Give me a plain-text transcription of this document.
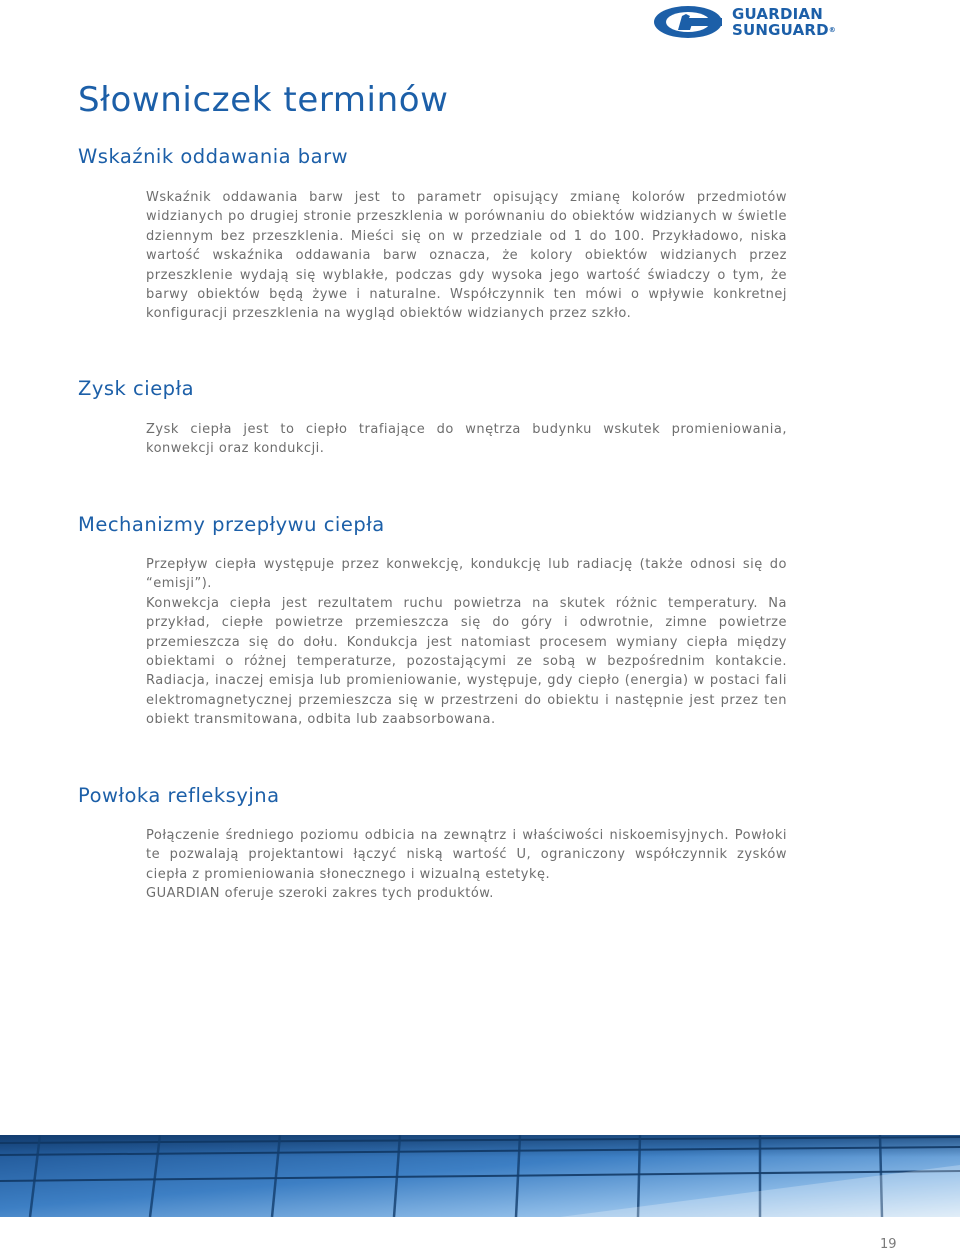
GUARDIAN
SUNGUARD®
Słowniczek terminów
Wskaźnik oddawania barw

Wskaźnik oddawania barw jest to parametr opisujący zmianę kolorów przedmiotów widzianych po drugiej stronie przeszklenia w porównaniu do obiektów widzianych w świetle dziennym bez przeszklenia. Mieści się on w przedziale od 1 do 100. Przykładowo, niska wartość wskaźnika oddawania barw oznacza, że kolory obiektów widzianych przez przeszklenie wydają się wyblakłe, podczas gdy wysoka jego wartość świadczy o tym, że barwy obiektów będą żywe i naturalne. Współczynnik ten mówi o wpływie konkretnej konfiguracji przeszklenia na wygląd obiektów widzianych przez szkło.

Zysk ciepła

Zysk ciepła jest to ciepło trafiające do wnętrza budynku wskutek promieniowania, konwekcji oraz kondukcji.

Mechanizmy przepływu ciepła

Przepływ ciepła występuje przez konwekcję, kondukcję lub radiację (także odnosi się do “emisji”).

Konwekcja ciepła jest rezultatem ruchu powietrza na skutek różnic temperatury. Na przykład, ciepłe powietrze przemieszcza się do góry i odwrotnie, zimne powietrze przemieszcza się do dołu. Kondukcja jest natomiast procesem wymiany ciepła między obiektami o różnej temperaturze, pozostającymi ze sobą w bezpośrednim kontakcie. Radiacja, inaczej emisja lub promieniowanie, występuje, gdy ciepło (energia) w postaci fali elektromagnetycznej przemieszcza się w przestrzeni do obiektu i następnie jest przez ten obiekt transmitowana, odbita lub zaabsorbowana.

Powłoka refleksyjna

Połączenie średniego poziomu odbicia na zewnątrz i właściwości niskoemisyjnych. Powłoki te pozwalają projektantowi łączyć niską wartość U, ograniczony współczynnik zysków ciepła z promieniowania słonecznego i wizualną estetykę.

GUARDIAN oferuje szeroki zakres tych produktów.

19
